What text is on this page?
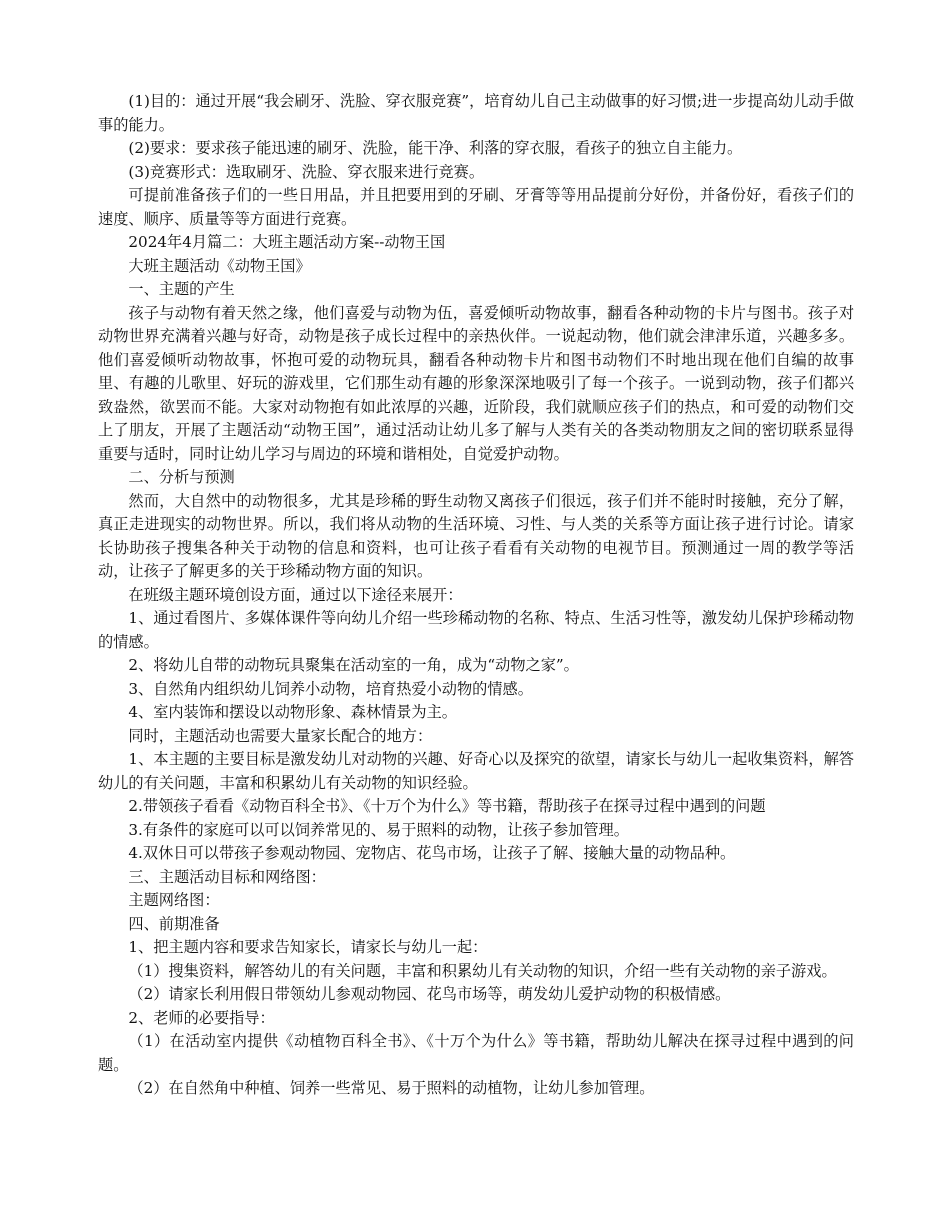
(1)目的：通过开展“我会刷牙、洗脸、穿衣服竞赛”，培育幼儿自己主动做事的好习惯;进一步提高幼儿动手做事的能力。

(2)要求：要求孩子能迅速的刷牙、洗脸，能干净、利落的穿衣服，看孩子的独立自主能力。

(3)竞赛形式：选取刷牙、洗脸、穿衣服来进行竞赛。

可提前准备孩子们的一些日用品，并且把要用到的牙刷、牙膏等等用品提前分好份，并备份好，看孩子们的速度、顺序、质量等等方面进行竞赛。

2024年4月篇二：大班主题活动方案--动物王国

大班主题活动《动物王国》

一、主题的产生

孩子与动物有着天然之缘，他们喜爱与动物为伍，喜爱倾听动物故事，翻看各种动物的卡片与图书。孩子对动物世界充满着兴趣与好奇，动物是孩子成长过程中的亲热伙伴。一说起动物，他们就会津津乐道，兴趣多多。他们喜爱倾听动物故事，怀抱可爱的动物玩具，翻看各种动物卡片和图书动物们不时地出现在他们自编的故事里、有趣的儿歌里、好玩的游戏里，它们那生动有趣的形象深深地吸引了每一个孩子。一说到动物，孩子们都兴致盎然，欲罢而不能。大家对动物抱有如此浓厚的兴趣，近阶段，我们就顺应孩子们的热点，和可爱的动物们交上了朋友，开展了主题活动“动物王国”，通过活动让幼儿多了解与人类有关的各类动物朋友之间的密切联系显得重要与适时，同时让幼儿学习与周边的环境和谐相处，自觉爱护动物。

二、分析与预测

然而，大自然中的动物很多，尤其是珍稀的野生动物又离孩子们很远，孩子们并不能时时接触，充分了解，真正走进现实的动物世界。所以，我们将从动物的生活环境、习性、与人类的关系等方面让孩子进行讨论。请家长协助孩子搜集各种关于动物的信息和资料，也可让孩子看看有关动物的电视节目。预测通过一周的教学等活动，让孩子了解更多的关于珍稀动物方面的知识。

在班级主题环境创设方面，通过以下途径来展开：

1、通过看图片、多媒体课件等向幼儿介绍一些珍稀动物的名称、特点、生活习性等，激发幼儿保护珍稀动物的情感。

2、将幼儿自带的动物玩具聚集在活动室的一角，成为“动物之家”。

3、自然角内组织幼儿饲养小动物，培育热爱小动物的情感。

4、室内装饰和摆设以动物形象、森林情景为主。

同时，主题活动也需要大量家长配合的地方：

1、本主题的主要目标是激发幼儿对动物的兴趣、好奇心以及探究的欲望，请家长与幼儿一起收集资料，解答幼儿的有关问题，丰富和积累幼儿有关动物的知识经验。

2.带领孩子看看《动物百科全书》、《十万个为什么》等书籍，帮助孩子在探寻过程中遇到的问题

3.有条件的家庭可以可以饲养常见的、易于照料的动物，让孩子参加管理。

4.双休日可以带孩子参观动物园、宠物店、花鸟市场，让孩子了解、接触大量的动物品种。

三、主题活动目标和网络图：

主题网络图：

四、前期准备

1、把主题内容和要求告知家长，请家长与幼儿一起：

（1）搜集资料，解答幼儿的有关问题，丰富和积累幼儿有关动物的知识，介绍一些有关动物的亲子游戏。

（2）请家长利用假日带领幼儿参观动物园、花鸟市场等，萌发幼儿爱护动物的积极情感。

2、老师的必要指导：

（1）在活动室内提供《动植物百科全书》、《十万个为什么》等书籍，帮助幼儿解决在探寻过程中遇到的问题。

（2）在自然角中种植、饲养一些常见、易于照料的动植物，让幼儿参加管理。
